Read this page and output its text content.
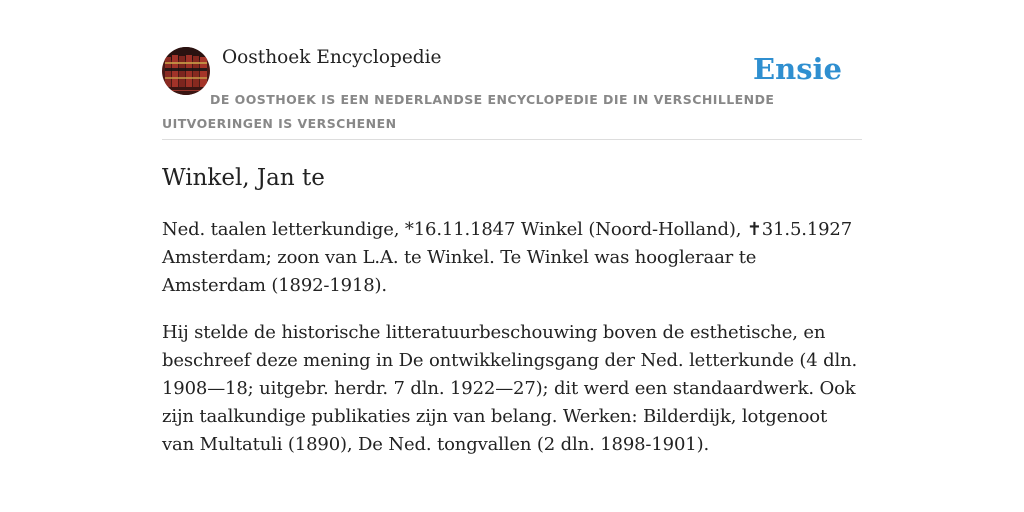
Oosthoek Encyclopedie	Ensie
DE OOSTHOEK IS EEN NEDERLANDSE ENCYCLOPEDIE DIE IN VERSCHILLENDE UITVOERINGEN IS VERSCHENEN
Winkel, Jan te

Ned. taalen letterkundige, *16.11.1847 Winkel (Noord-Holland), ✝31.5.1927 Amsterdam; zoon van L.A. te Winkel. Te Winkel was hoogleraar te Amsterdam (1892-1918).

Hij stelde de historische litteratuurbeschouwing boven de esthetische, en beschreef deze mening in De ontwikkelingsgang der Ned. letterkunde (4 dln. 1908—18; uitgebr. herdr. 7 dln. 1922—27); dit werd een standaardwerk. Ook zijn taalkundige publikaties zijn van belang. Werken: Bilderdijk, lotgenoot van Multatuli (1890), De Ned. tongvallen (2 dln. 1898-1901).
